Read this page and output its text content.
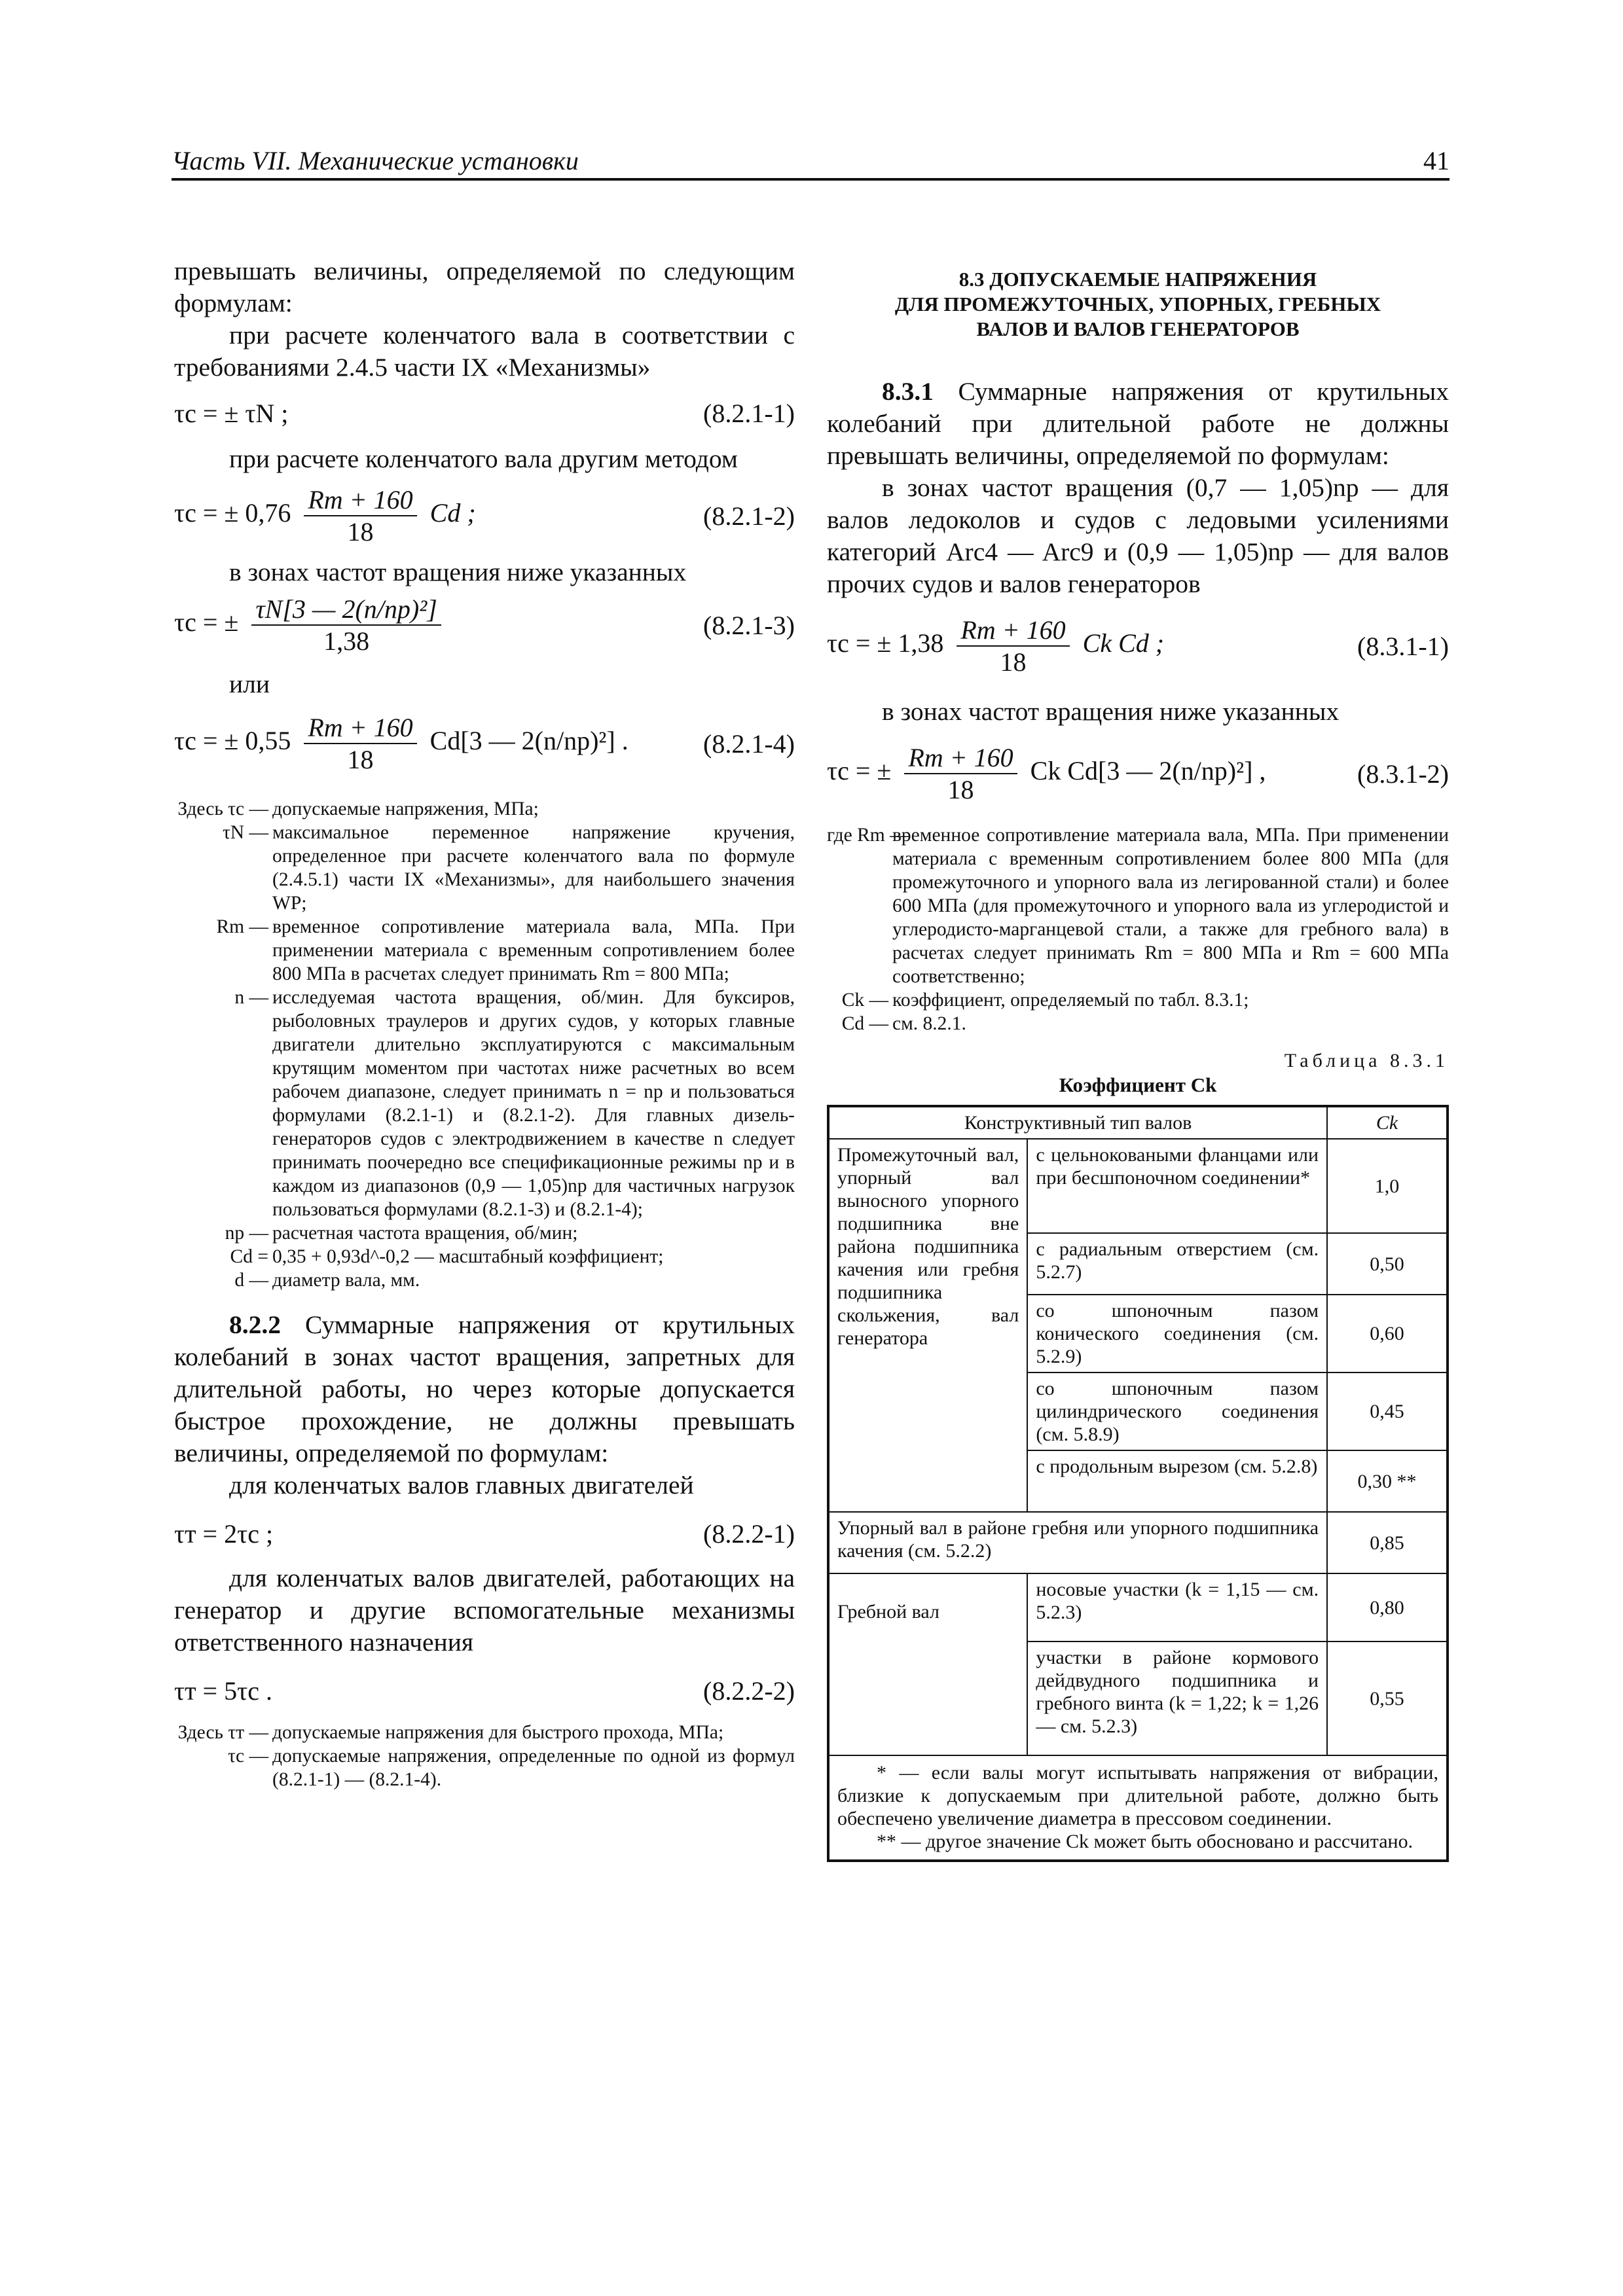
Часть VII. Механические установки	41

превышать величины, определяемой по следующим формулам:

при расчете коленчатого вала в соответствии с требованиями 2.4.5 части IX «Механизмы»

τс = ± τN ;	(8.2.1-1)

при расчете коленчатого вала другим методом

τс = ± $0,76 \frac{Rm + 160}{18}$ Cd ;	(8.2.1-2)

в зонах частот вращения ниже указанных

τс = ± $\frac{\text{τN[3 — 2(n/nр)²]}}{1,38}$	(8.2.1-3)

или

τс = ± $0,55 \frac{Rm + 160}{18} Cd[3$ — 2(n/nр)²] .	(8.2.1-4)
Здесь τс — допускаемые напряжения, МПа;
τN — максимальное переменное напряжение кручения, определенное при расчете коленчатого вала по формуле (2.4.5.1) части IX «Механизмы», для наибольшего значения WP;
Rm — временное сопротивление материала вала, МПа. При применении материала с временным сопротивлением более 800 МПа в расчетах следует принимать Rm = 800 МПа;
n — исследуемая частота вращения, об/мин. Для буксиров, рыболовных траулеров и других судов, у которых главные двигатели длительно эксплуатируются с максимальным крутящим моментом при частотах ниже расчетных во всем рабочем диапазоне, следует принимать n = nр и пользоваться формулами (8.2.1-1) и (8.2.1-2). Для главных дизель-генераторов судов с электродвижением в качестве n следует принимать поочередно все спецификационные режимы nр и в каждом из диапазонов (0,9 — 1,05)nр для частичных нагрузок пользоваться формулами (8.2.1-3) и (8.2.1-4);
nр — расчетная частота вращения, об/мин;
Cd = 0,35 + 0,93d^-0,2 — масштабный коэффициент;
d — диаметр вала, мм.

8.2.2 Суммарные напряжения от крутильных колебаний в зонах частот вращения, запретных для длительной работы, но через которые допускается быстрое прохождение, не должны превышать величины, определяемой по формулам:

для коленчатых валов главных двигателей

τт = 2τс ;	(8.2.2-1)

для коленчатых валов двигателей, работающих на генератор и другие вспомогательные механизмы ответственного назначения

τт = 5τс .	(8.2.2-2)
Здесь τт — допускаемые напряжения для быстрого прохода, МПа;
τс — допускаемые напряжения, определенные по одной из формул (8.2.1-1) — (8.2.1-4).
8.3 ДОПУСКАЕМЫЕ НАПРЯЖЕНИЯ
ДЛЯ ПРОМЕЖУТОЧНЫХ, УПОРНЫХ, ГРЕБНЫХ
ВАЛОВ И ВАЛОВ ГЕНЕРАТОРОВ

8.3.1 Суммарные напряжения от крутильных колебаний при длительной работе не должны превышать величины, определяемой по формулам:

в зонах частот вращения (0,7 — 1,05)nр — для валов ледоколов и судов с ледовыми усилениями категорий Arc4 — Arc9 и (0,9 — 1,05)nр — для валов прочих судов и валов генераторов

τс = ± $1,38 \frac{Rm + 160}{18}$ Ck Cd ;	(8.3.1-1)

в зонах частот вращения ниже указанных

τс = ± $\frac{Rm + 160}{18}$ Ck Cd[3 — 2(n/nр)²] ,	(8.3.1-2)
где Rm —
временное сопротивление материала вала, МПа. При применении материала с временным сопротивлением более 800 МПа (для промежуточного и упорного вала из легированной стали) и более 600 МПа (для промежуточного и упорного вала из углеродистой и углеродисто-марганцевой стали, а также для гребного вала) в расчетах следует принимать Rm = 800 МПа и Rm = 600 МПа соответственно;
Ck — коэффициент, определяемый по табл. 8.3.1;
Cd — см. 8.2.1.
Таблица 8.3.1
Коэффициент Ck
Конструктивный тип валов		Ck
Промежуточный вал, упорный вал выносного упорного подшипника вне района подшипника качения или гребня подшипника скольжения, вал генератора	с цельноковаными фланцами или при бесшпоночном соединении*	1,0
	с радиальным отверстием (см. 5.2.7)	0,50
	со шпоночным пазом конического соединения (см. 5.2.9)	0,60
	со шпоночным пазом цилиндрического соединения (см. 5.8.9)	0,45
	с продольным вырезом (см. 5.2.8)	0,30 **
Упорный вал в районе гребня или упорного подшипника качения (см. 5.2.2)		0,85
Гребной вал	носовые участки (k = 1,15 — см. 5.2.3)	0,80
	участки в районе кормового дейдвудного подшипника и гребного винта (k = 1,22; k = 1,26 — см. 5.2.3)	0,55

* — если валы могут испытывать напряжения от вибрации, близкие к допускаемым при длительной работе, должно быть обеспечено увеличение диаметра в прессовом соединении.
** — другое значение Ck может быть обосновано и рассчитано.		
